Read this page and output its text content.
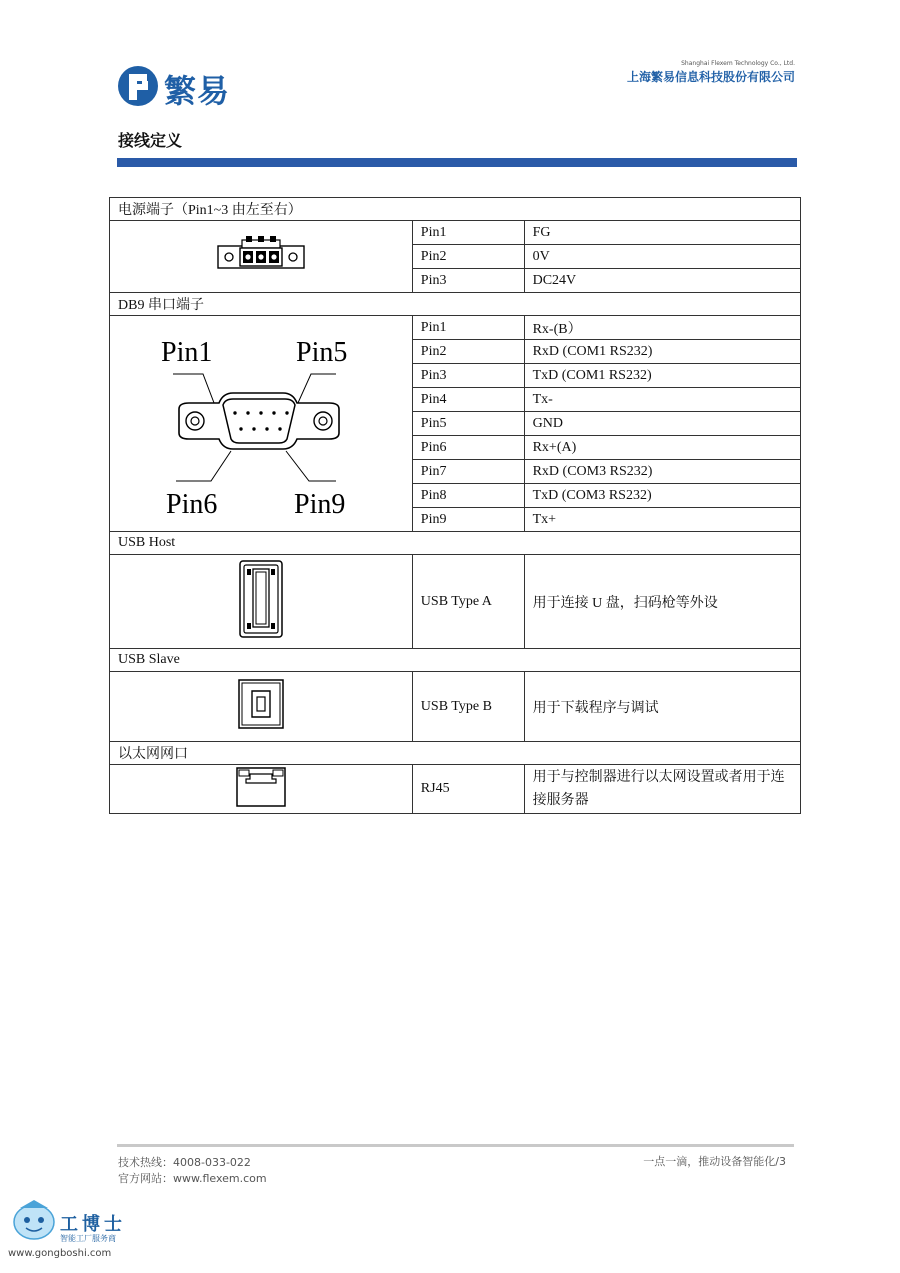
繁易
Shanghai Flexem Technology Co., Ltd.
上海繁易信息科技股份有限公司
接线定义
电源端子（Pin1~3 由左至右）		
	Pin1	FG
	Pin2	0V
	Pin3	DC24V
DB9 串口端子		

Pin1 Pin5
Pin6 Pin9	Pin1	Rx-(B）
	Pin2	RxD (COM1 RS232)
	Pin3	TxD (COM1 RS232)
	Pin4	Tx-
	Pin5	GND
	Pin6	Rx+(A)
	Pin7	RxD (COM3 RS232)
	Pin8	TxD (COM3 RS232)
	Pin9	Tx+
USB Host		
	USB Type A	用于连接 U 盘，扫码枪等外设
USB Slave		
	USB Type B	用于下载程序与调试
以太网网口		
	RJ45	用于与控制器进行以太网设置或者用于连接服务器
技术热线：4008-033-022
官方网站：www.flexem.com
一点一滴，推动设备智能化/3
工博士
智能工厂服务商
www.gongboshi.com
